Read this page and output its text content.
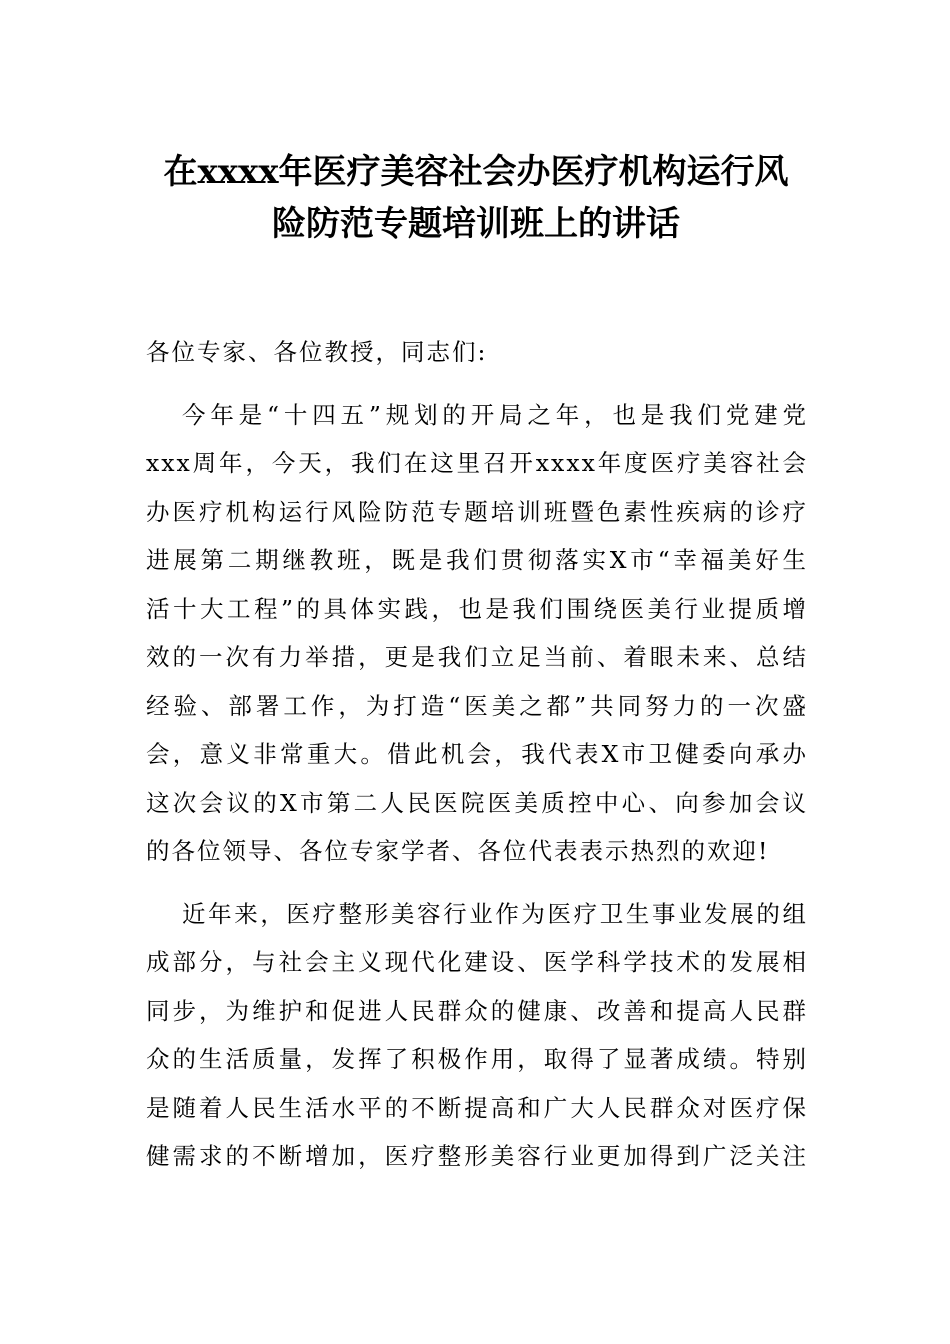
在xxxx年医疗美容社会办医疗机构运行风
险防范专题培训班上的讲话

各位专家、各位教授，同志们:

今年是“十四五”规划的开局之年，也是我们党建党
xxx周年，今天，我们在这里召开xxxx年度医疗美容社会
办医疗机构运行风险防范专题培训班暨色素性疾病的诊疗
进展第二期继教班，既是我们贯彻落实X市“幸福美好生
活十大工程”的具体实践，也是我们围绕医美行业提质增
效的一次有力举措，更是我们立足当前、着眼未来、总结
经验、部署工作，为打造“医美之都”共同努力的一次盛
会，意义非常重大。借此机会，我代表X市卫健委向承办
这次会议的X市第二人民医院医美质控中心、向参加会议
的各位领导、各位专家学者、各位代表表示热烈的欢迎!

近年来，医疗整形美容行业作为医疗卫生事业发展的组
成部分，与社会主义现代化建设、医学科学技术的发展相
同步，为维护和促进人民群众的健康、改善和提高人民群
众的生活质量，发挥了积极作用，取得了显著成绩。特别
是随着人民生活水平的不断提高和广大人民群众对医疗保
健需求的不断增加，医疗整形美容行业更加得到广泛关注
